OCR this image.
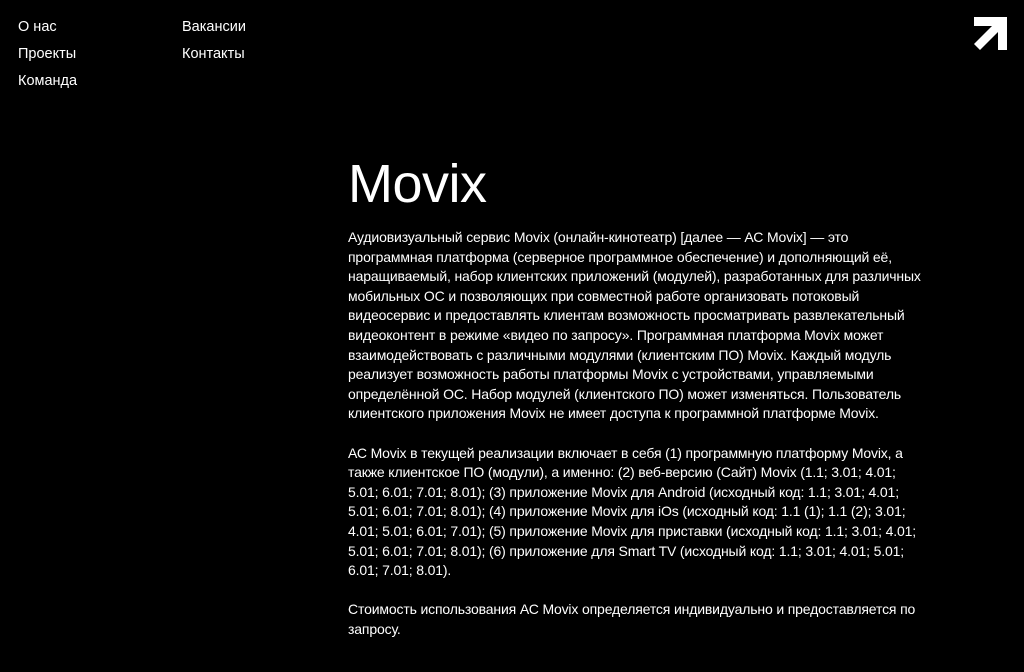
О нас
Проекты
Команда
Вакансии
Контакты
Movix

Аудиовизуальный сервис Movix (онлайн-кинотеатр) [далее — АС Movix] — это программная платформа (серверное программное обеспечение) и дополняющий её, наращиваемый, набор клиентских приложений (модулей), разработанных для различных мобильных ОС и позволяющих при совместной работе организовать потоковый видеосервис и предоставлять клиентам возможность просматривать развлекательный видеоконтент в режиме «видео по запросу». Программная платформа Movix может взаимодействовать с различными модулями (клиентским ПО) Movix. Каждый модуль реализует возможность работы платформы Movix с устройствами, управляемыми определённой ОС. Набор модулей (клиентского ПО) может изменяться. Пользователь клиентского приложения Movix не имеет доступа к программной платформе Movix.

АС Movix в текущей реализации включает в себя (1) программную платформу Movix, а также клиентское ПО (модули), а именно: (2) веб-версию (Сайт) Movix (1.1; 3.01; 4.01; 5.01; 6.01; 7.01; 8.01); (3) приложение Movix для Android (исходный код: 1.1; 3.01; 4.01; 5.01; 6.01; 7.01; 8.01); (4) приложение Movix для iOs (исходный код: 1.1 (1); 1.1 (2); 3.01; 4.01; 5.01; 6.01; 7.01); (5) приложение Movix для приставки (исходный код: 1.1; 3.01; 4.01; 5.01; 6.01; 7.01; 8.01); (6) приложение для Smart TV (исходный код: 1.1; 3.01; 4.01; 5.01; 6.01; 7.01; 8.01).

Стоимость использования АС Movix определяется индивидуально и предоставляется по запросу.
